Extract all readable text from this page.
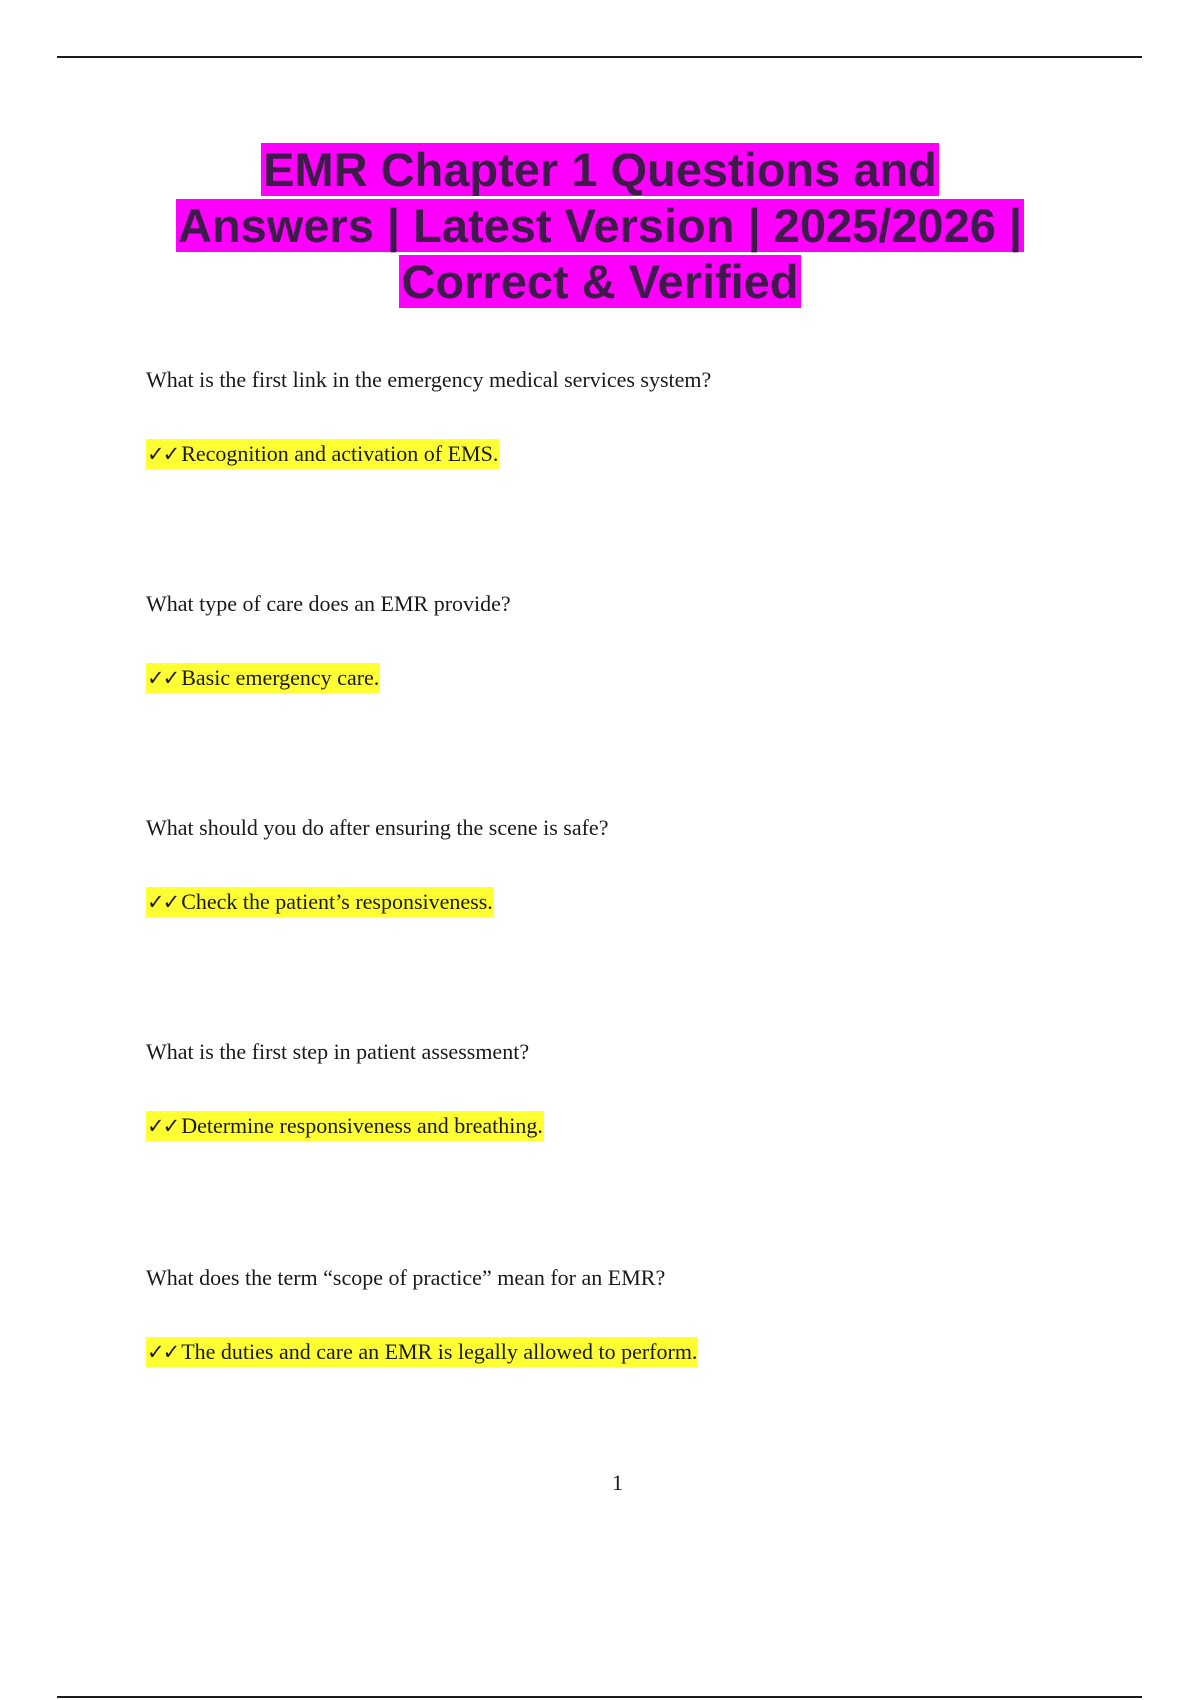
EMR Chapter 1 Questions and
Answers | Latest Version | 2025/2026 |
Correct & Verified

What is the first link in the emergency medical services system?

✓✓ Recognition and activation of EMS.

What type of care does an EMR provide?

✓✓ Basic emergency care.

What should you do after ensuring the scene is safe?

✓✓ Check the patient’s responsiveness.

What is the first step in patient assessment?

✓✓ Determine responsiveness and breathing.

What does the term “scope of practice” mean for an EMR?

✓✓ The duties and care an EMR is legally allowed to perform.

1
